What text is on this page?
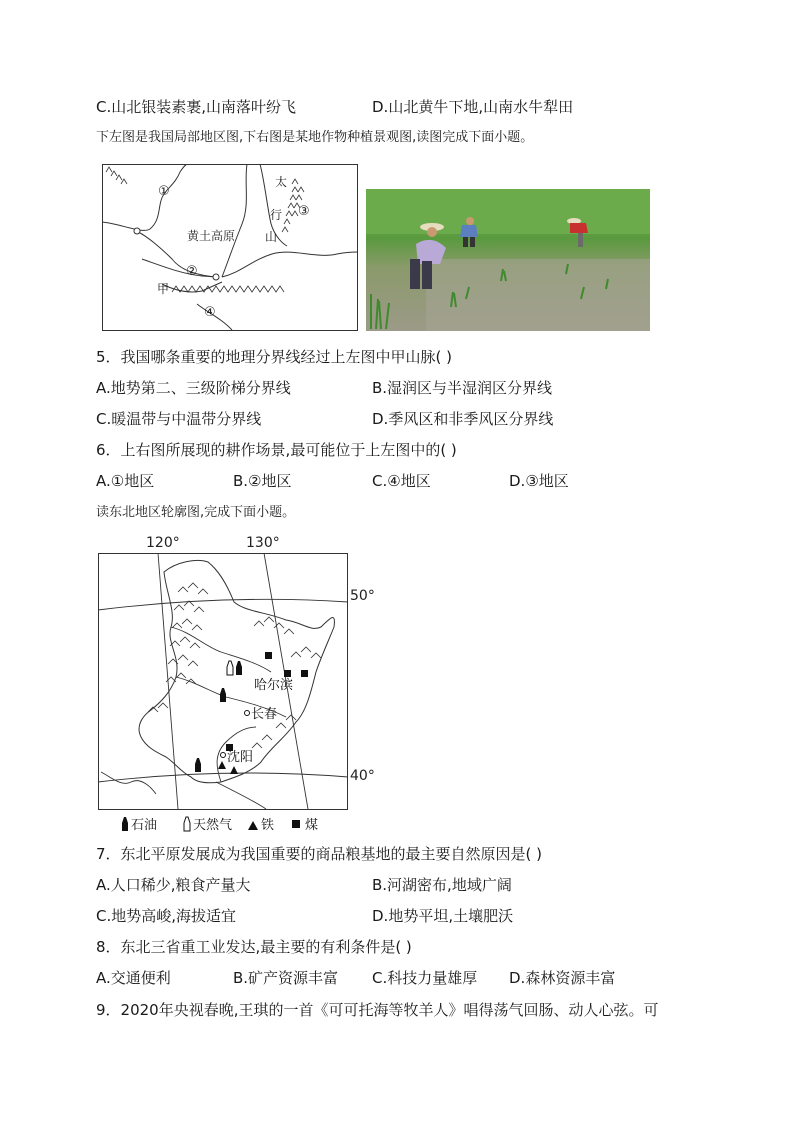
C.山北银装素裹,山南落叶纷飞	D.山北黄牛下地,山南水牛犁田
下左图是我国局部地区图,下右图是某地作物种植景观图,读图完成下面小题。
①
黄土高原
②
太
行
山
③
甲
④
5．我国哪条重要的地理分界线经过上左图中甲山脉( )
A.地势第二、三级阶梯分界线	B.湿润区与半湿润区分界线
C.暖温带与中温带分界线	D.季风区和非季风区分界线
6．上右图所展现的耕作场景,最可能位于上左图中的( )
A.①地区	B.②地区	C.④地区	D.③地区
读东北地区轮廓图,完成下面小题。
120°	130°
50°
40°
哈尔滨
长春
沈阳
石油	天然气 铁 煤
7．东北平原发展成为我国重要的商品粮基地的最主要自然原因是( )
A.人口稀少,粮食产量大	B.河湖密布,地域广阔
C.地势高峻,海拔适宜	D.地势平坦,土壤肥沃
8．东北三省重工业发达,最主要的有利条件是( )
A.交通便利	B.矿产资源丰富 C.科技力量雄厚 D.森林资源丰富
9．2020年央视春晚,王琪的一首《可可托海等牧羊人》唱得荡气回肠、动人心弦。可
